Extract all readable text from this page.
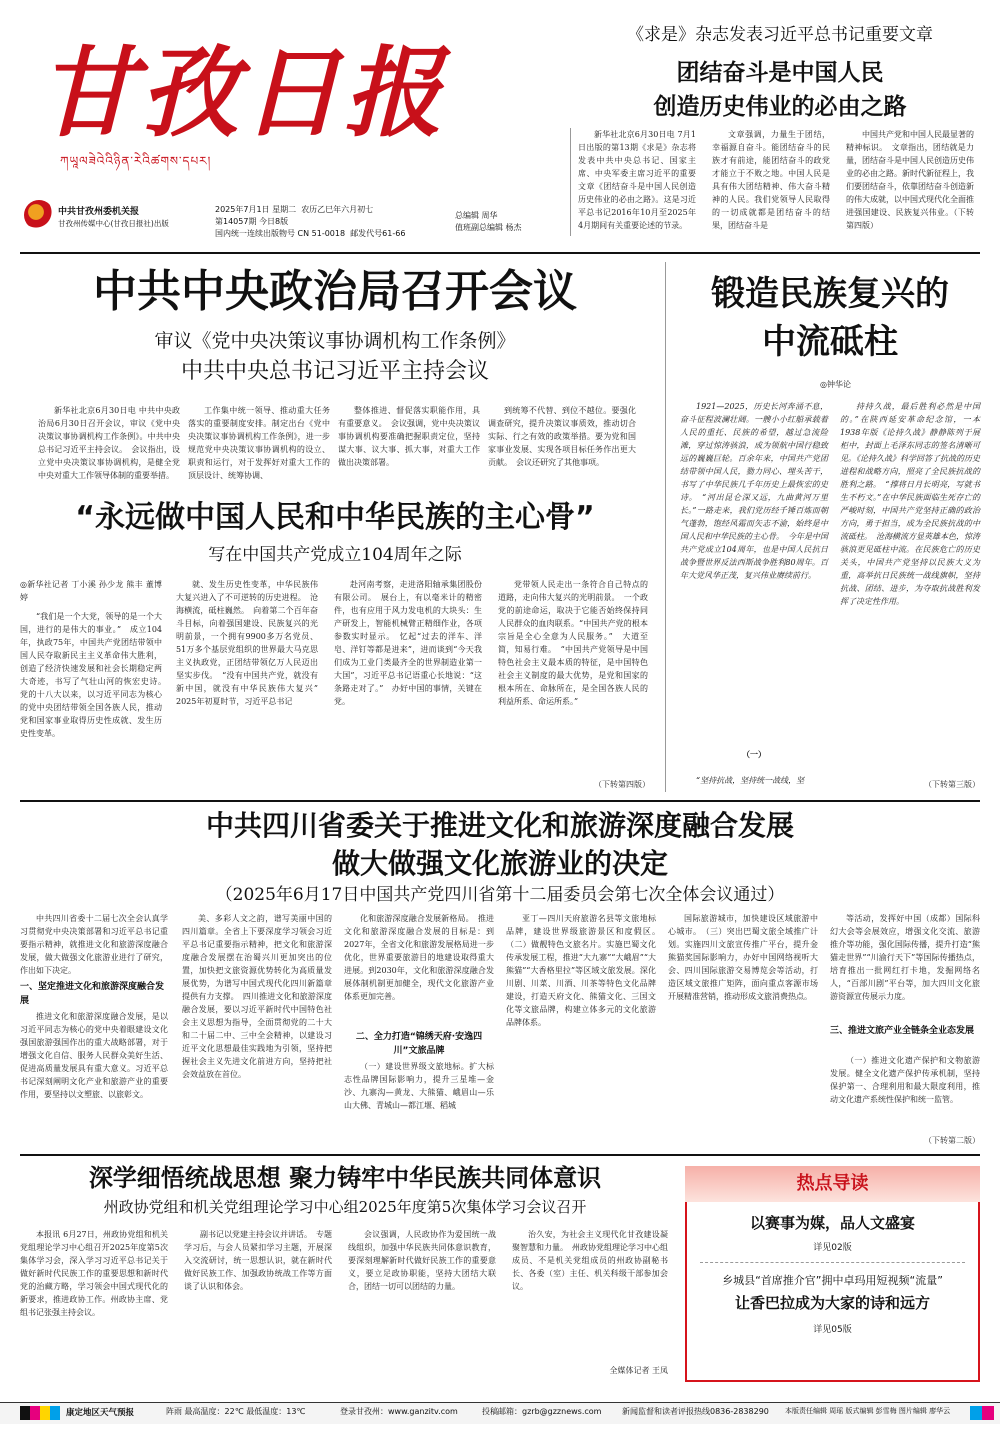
甘孜日报
ཀཡཱལཟེའེའིཉིན་རེའིཚགས་དཔར།
中共甘孜州委机关报
甘孜州传媒中心(甘孜日报社)出版
2025年7月1日 星期二 农历乙巳年六月初七
第14057期 今日8版
国内统一连续出版物号 CN 51-0018 邮发代号61-66
总编辑 周华
值班副总编辑 杨杰
《求是》杂志发表习近平总书记重要文章
团结奋斗是中国人民
创造历史伟业的必由之路
新华社北京6月30日电 7月1日出版的第13期《求是》杂志将发表中共中央总书记、国家主席、中央军委主席习近平的重要文章《团结奋斗是中国人民创造历史伟业的必由之路》。这是习近平总书记2016年10月至2025年4月期间有关重要论述的节录。
文章强调，力量生于团结，幸福源自奋斗。能团结奋斗的民族才有前途，能团结奋斗的政党才能立于不败之地。中国人民是具有伟大团结精神、伟大奋斗精神的人民。我们党领导人民取得的一切成就都是团结奋斗的结果，团结奋斗是
中国共产党和中国人民最显著的精神标识。　文章指出，团结就是力量，团结奋斗是中国人民创造历史伟业的必由之路。新时代新征程上，我们要团结奋斗，依靠团结奋斗创造新的伟大成就，以中国式现代化全面推进强国建设、民族复兴伟业。（下转第四版）
中共中央政治局召开会议
审议《党中央决策议事协调机构工作条例》
中共中央总书记习近平主持会议
新华社北京6月30日电 中共中央政治局6月30日召开会议，审议《党中央决策议事协调机构工作条例》。中共中央总书记习近平主持会议。　会议指出，设立党中央决策议事协调机构，是健全党中央对重大工作领导体制的重要举措。
工作集中统一领导、推动重大任务落实的重要制度安排。制定出台《党中央决策议事协调机构工作条例》，进一步规范党中央决策议事协调机构的设立、职责和运行，对于发挥好对重大工作的顶层设计、统筹协调、
整体推进、督促落实职能作用，具有重要意义。　会议强调，党中央决策议事协调机构要准确把握职责定位，坚持谋大事、议大事、抓大事，对重大工作做出决策部署。
到统筹不代替、到位不越位。要强化调查研究，提升决策议事质效，推动切合实际、行之有效的政策举措。要为党和国家事业发展、实现各项目标任务作出更大贡献。　会议还研究了其他事项。
“永远做中国人民和中华民族的主心骨”
写在中国共产党成立104周年之际
◎新华社记者 丁小溪 孙少龙 熊丰 董博婷
“我们是一个大党，领导的是一个大国，进行的是伟大的事业。”　成立104年，执政75年，中国共产党团结带领中国人民夺取新民主主义革命伟大胜利，创造了经济快速发展和社会长期稳定两大奇迹，书写了气壮山河的恢宏史诗。　党的十八大以来，以习近平同志为核心的党中央团结带领全国各族人民，推动党和国家事业取得历史性成就、发生历史性变革。
就、发生历史性变革，中华民族伟大复兴进入了不可逆转的历史进程。　沧海横流，砥柱巍然。　向着第二个百年奋斗目标，向着强国建设、民族复兴的光明前景，一个拥有9900多万名党员、51万多个基层党组织的世界最大马克思主义执政党，正团结带领亿万人民迈出坚实步伐。　“没有中国共产党，就没有新中国，就没有中华民族伟大复兴”　2025年初夏时节，习近平总书记
赴河南考察，走进洛阳轴承集团股份有限公司。　展台上，有以毫米计的精密件，也有应用于风力发电机的大块头：生产研发上，智能机械臂正精细作业，各项参数实时显示。　忆起“过去的洋车、洋皂、洋钉等都是进来”，进而谈到“今天我们成为工业门类最齐全的世界制造业第一大国”，习近平总书记语重心长地说：“这条路走对了。”　办好中国的事情，关键在党。
党带领人民走出一条符合自己特点的道路，走向伟大复兴的光明前景。　一个政党的前途命运，取决于它能否始终保持同人民群众的血肉联系。“中国共产党的根本宗旨是全心全意为人民服务。”　大道至简，知易行难。　“中国共产党领导是中国特色社会主义最本质的特征，是中国特色社会主义制度的最大优势，是党和国家的根本所在、命脉所在，是全国各族人民的利益所系、命运所系。”
（下转第四版）
锻造民族复兴的
中流砥柱
◎钟华论
1921—2025，历史长河奔涌不息，奋斗征程波澜壮阔。一艘小小红船承载着人民的重托、民族的希望，越过急流险滩，穿过惊涛骇浪，成为领航中国行稳致远的巍巍巨轮。百余年来，中国共产党团结带领中国人民，勠力同心、埋头苦干，书写了中华民族几千年历史上最恢宏的史诗。　“河出昆仑深又远，九曲黄河万里长。”一路走来，我们党历经千锤百炼而朝气蓬勃，饱经风霜而矢志不渝，始终是中国人民和中华民族的主心骨。　今年是中国共产党成立104周年，也是中国人民抗日战争暨世界反法西斯战争胜利80周年。百年大党风华正茂，复兴伟业赓续前行。
（一）
“坚持抗战，坚持统一战线，坚
持持久战，最后胜利必然是中国的。”在陕西延安革命纪念馆，一本1938年版《论持久战》静静陈列于展柜中，封面上毛泽东同志的签名清晰可见。《论持久战》科学回答了抗战的历史进程和战略方向，照亮了全民族抗战的胜利之路。　“撑将日月长明亮，写就书生不朽文。”在中华民族面临生死存亡的严峻时刻，中国共产党坚持正确的政治方向，勇于担当，成为全民族抗战的中流砥柱。　沧海横流方显英雄本色，惊涛骇浪更见砥柱中流。在民族危亡的历史关头，中国共产党坚持以民族大义为重，高举抗日民族统一战线旗帜，坚持抗战、团结、进步，为夺取抗战胜利发挥了决定性作用。
（下转第三版）
中共四川省委关于推进文化和旅游深度融合发展
做大做强文化旅游业的决定
（2025年6月17日中国共产党四川省第十二届委员会第七次全体会议通过）
中共四川省委十二届七次全会认真学习贯彻党中央决策部署和习近平总书记重要指示精神，就推进文化和旅游深度融合发展，做大做强文化旅游业进行了研究，作出如下决定。
一、坚定推进文化和旅游深度融合发展
推进文化和旅游深度融合发展，是以习近平同志为核心的党中央着眼建设文化强国旅游强国作出的重大战略部署，对于增强文化自信、服务人民群众美好生活、促进高质量发展具有重大意义。习近平总书记深刻阐明文化产业和旅游产业的重要作用，要坚持以文塑旅、以旅彰文。
美、多彩人文之韵，谱写美丽中国的四川篇章。全省上下要深度学习领会习近平总书记重要指示精神，把文化和旅游深度融合发展摆在治蜀兴川更加突出的位置，加快把文旅资源优势转化为高质量发展优势，为谱写中国式现代化四川新篇章提供有力支撑。　四川推进文化和旅游深度融合发展，要以习近平新时代中国特色社会主义思想为指导，全面贯彻党的二十大和二十届二中、三中全会精神，以建设习近平文化思想最佳实践地为引领，坚持把握社会主义先进文化前进方向，坚持把社会效益放在首位。
化和旅游深度融合发展新格局。　推进文化和旅游深度融合发展的目标是：到2027年，全省文化和旅游发展格局进一步优化，世界重要旅游目的地建设取得重大进展。到2030年，文化和旅游深度融合发展体制机制更加健全，现代文化旅游产业体系更加完善。
二、全力打造“锦绣天府·安逸四川”文旅品牌
（一）建设世界级文旅地标。扩大标志性品牌国际影响力，提升三星堆—金沙、九寨沟—黄龙、大熊猫、峨眉山—乐山大佛、青城山—都江堰、稻城
亚丁—四川天府旅游名县等文旅地标品牌，建设世界级旅游景区和度假区。　（二）做靓特色文旅名片。实施巴蜀文化传承发展工程，推进“大九寨”“大峨眉”“大熊猫”“大香格里拉”等区域文旅发展。深化川剧、川菜、川酒、川茶等特色文化品牌建设，打造天府文化、熊猫文化、三国文化等文旅品牌，构建立体多元的文化旅游品牌体系。
国际旅游城市，加快建设区域旅游中心城市。　（三）突出巴蜀文旅全域推广计划。实施四川文旅宣传推广平台，提升金熊猫奖国际影响力，办好中国网络视听大会、四川国际旅游交易博览会等活动，打造区域文旅推广矩阵，面向重点客源市场开展精准营销，推动形成文旅消费热点。
等活动，发挥好中国（成都）国际科幻大会等会展效应，增强文化交流、旅游推介等功能，强化国际传播，提升打造“熊猫走世界”“川渝行天下”等国际传播热点，培育推出一批网红打卡地，发掘网络名人，“百部川剧”平台等，加大四川文化旅游资源宣传展示力度。
三、推进文旅产业全链条全业态发展
（一）推进文化遗产保护和文物旅游发展。健全文化遗产保护传承机制，坚持保护第一、合理利用和最大限度利用，推动文化遗产系统性保护和统一监管。
（下转第二版）
深学细悟统战思想 聚力铸牢中华民族共同体意识
州政协党组和机关党组理论学习中心组2025年度第5次集体学习会议召开
本报讯 6月27日，州政协党组和机关党组理论学习中心组召开2025年度第5次集体学习会，深入学习习近平总书记关于做好新时代民族工作的重要思想和新时代党的治藏方略，学习领会中国式现代化的新要求，推进政协工作。州政协主席、党组书记张强主持会议。
副书记以党建主持会议并讲话。　专题学习后，与会人员紧扣学习主题，开展深入交流研讨，统一思想认识，就在新时代做好民族工作、加强政协统战工作等方面谈了认识和体会。
会议强调，人民政协作为爱国统一战线组织，加强中华民族共同体意识教育，要深刻理解新时代做好民族工作的重要意义，要立足政协职能，坚持大团结大联合，团结一切可以团结的力量。
治久安，为社会主义现代化甘孜建设凝聚智慧和力量。　州政协党组理论学习中心组成员、不是机关党组成员的州政协副秘书长、各委（室）主任、机关科级干部参加会议。
全媒体记者 王凤
热点导读
以赛事为媒，品人文盛宴
详见02版
乡城县“首席推介官”拥中卓玛用短视频“流量”
让香巴拉成为大家的诗和远方
详见05版
康定地区天气预报	阵雨 最高温度：22℃ 最低温度：13℃	登录甘孜州：www.ganzitv.com	投稿邮箱：gzrb@gzznews.com	新闻监督和读者评报热线0836-2838290	本版责任编辑 周瑶 版式编辑 彭雪梅 图片编辑 廖华云
